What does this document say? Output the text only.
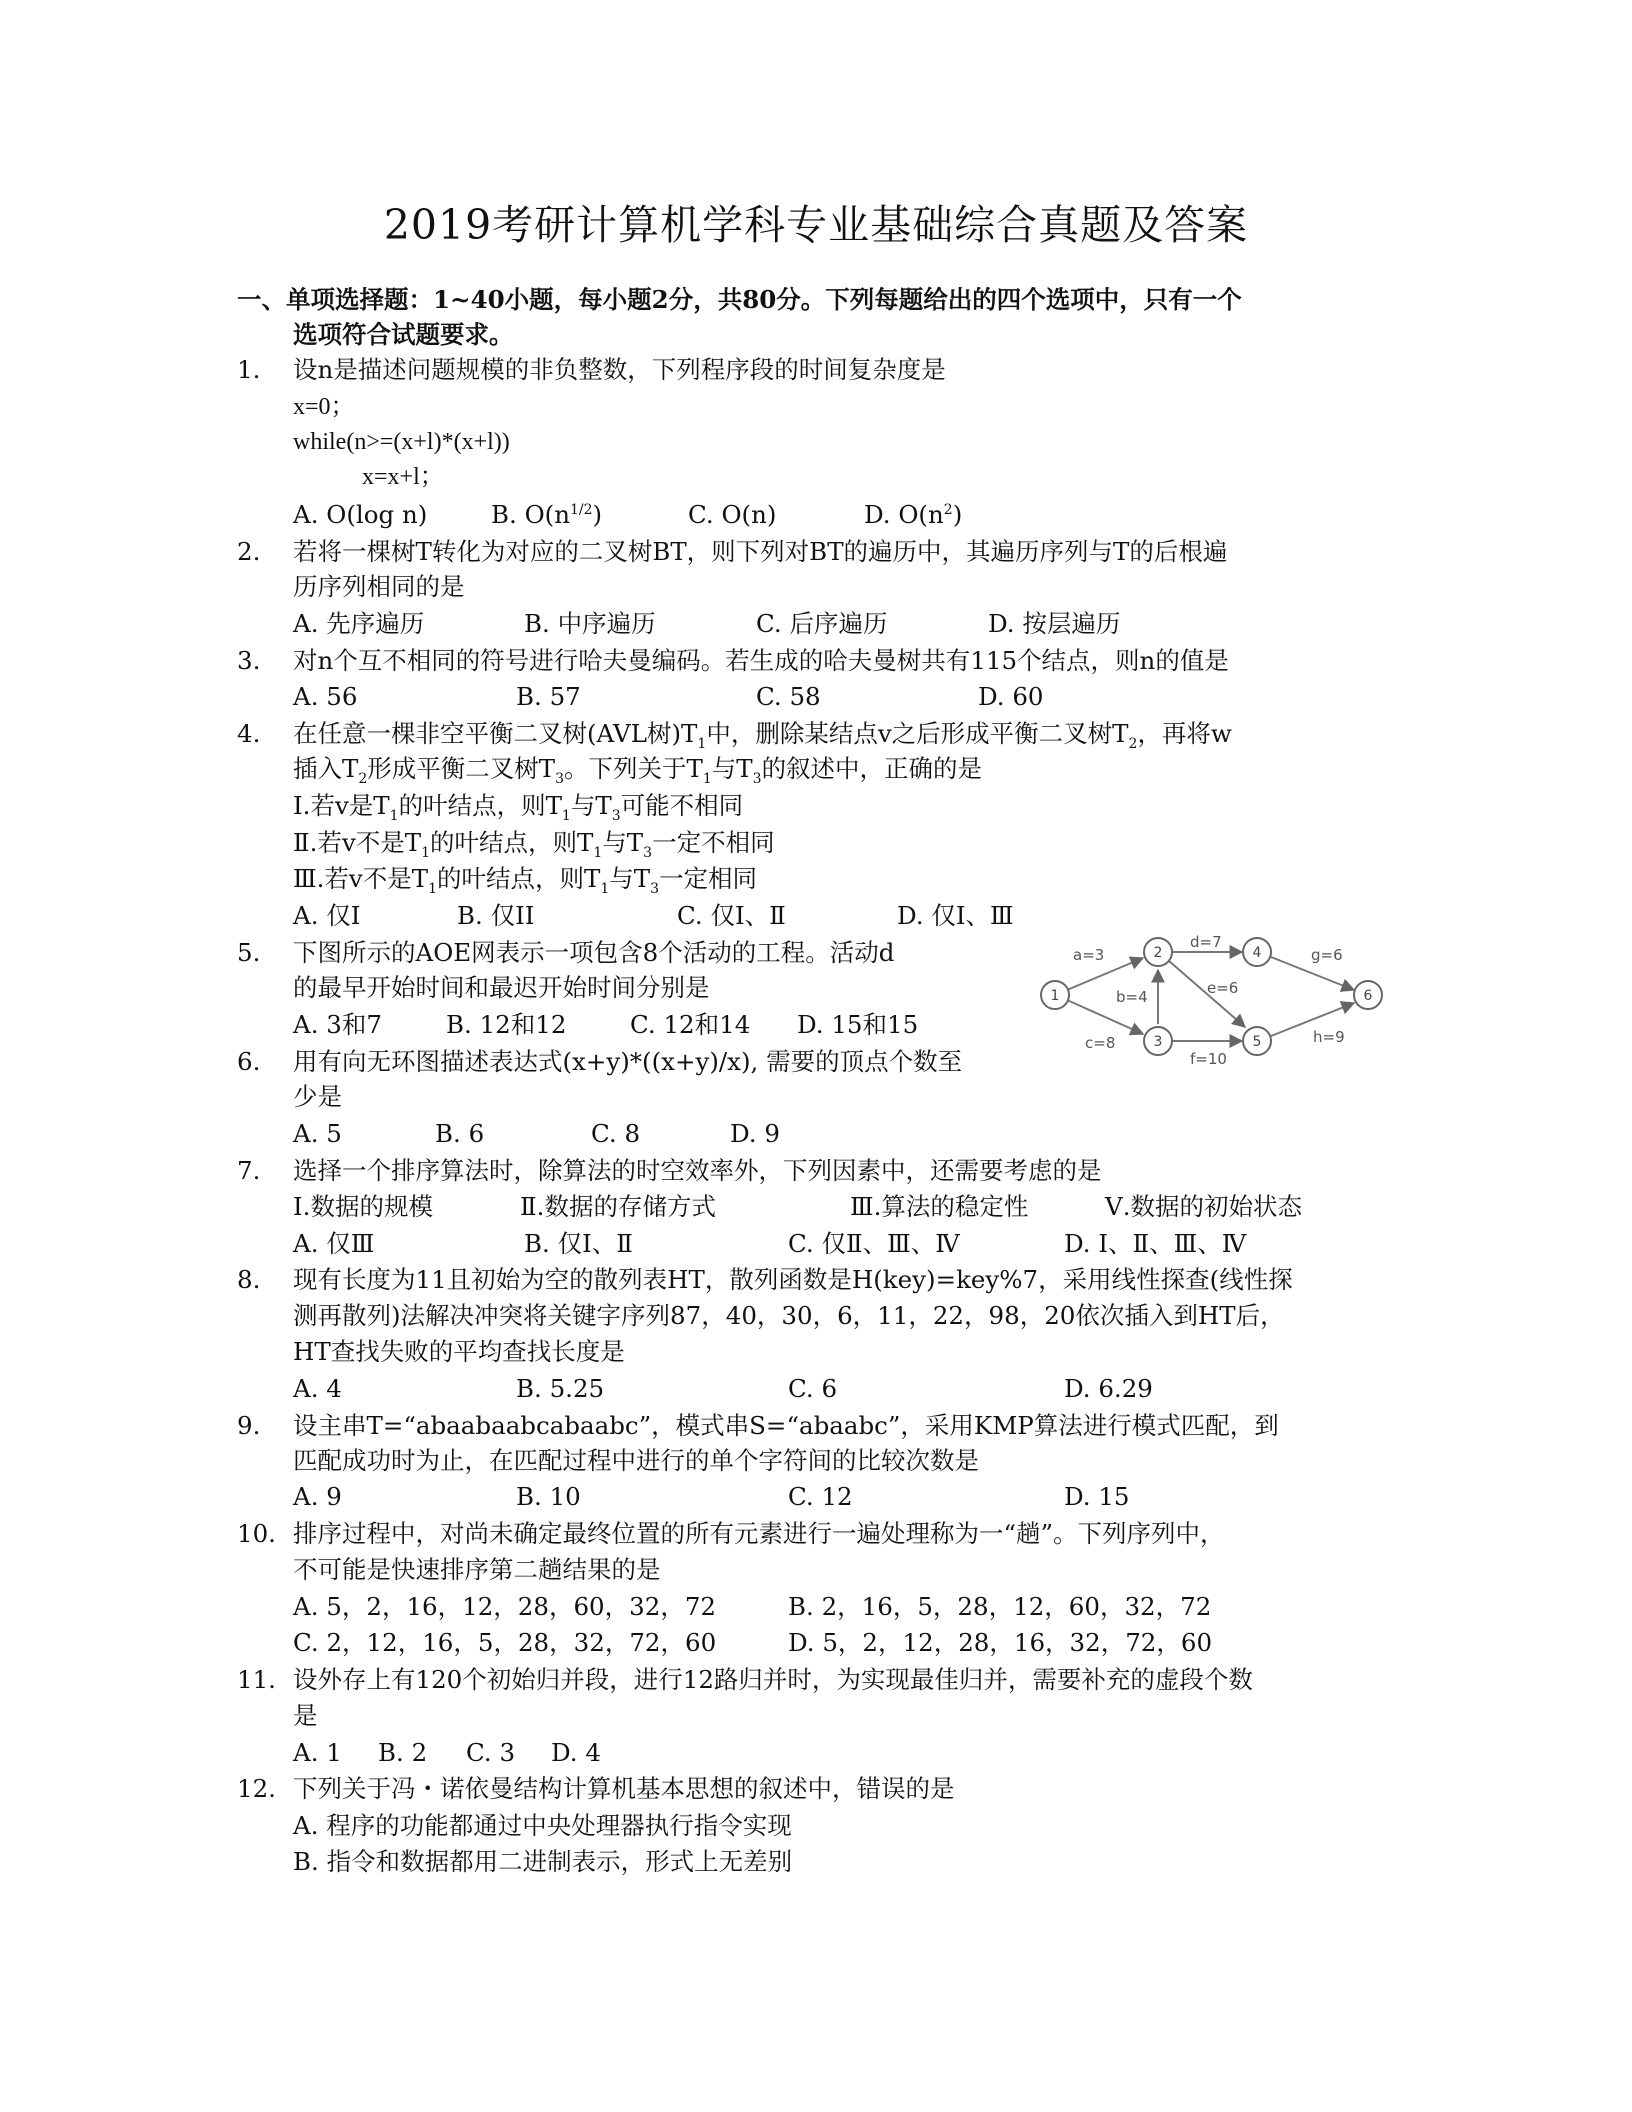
2019考研计算机学科专业基础综合真题及答案
一、单项选择题：1~40小题，每小题2分，共80分。下列每题给出的四个选项中，只有一个
选项符合试题要求。
1. 设n是描述问题规模的非负整数，下列程序段的时间复杂度是
x=0；
while(n>=(x+l)*(x+l))
x=x+l；
A. O(log n)	B. $O(n^{1/2})$	C. O(n)	D. $O(n^2)$
2. 若将一棵树T转化为对应的二叉树BT，则下列对BT的遍历中，其遍历序列与T的后根遍
历序列相同的是
A. 先序遍历	B. 中序遍历	C. 后序遍历	D. 按层遍历
3. 对n个互不相同的符号进行哈夫曼编码。若生成的哈夫曼树共有115个结点，则n的值是
A. 56	B. 57	C. 58	D. 60
4. 在任意一棵非空平衡二叉树(AVL树)$T_1$中，删除某结点v之后形成平衡二叉树$T_2$，再将w
插入$T_2$形成平衡二叉树$T_3$。下列关于$T_1$与$T_3$的叙述中，正确的是
I.若v是$T_1$的叶结点，则$T_1$与$T_3$可能不相同
Ⅱ.若v不是$T_1$的叶结点，则$T_1$与$T_3$一定不相同
Ⅲ.若v不是$T_1$的叶结点，则$T_1$与$T_3$一定相同
A. 仅I	B. 仅II	C. 仅I、Ⅱ	D. 仅I、Ⅲ
5. 下图所示的AOE网表示一项包含8个活动的工程。活动d
的最早开始时间和最迟开始时间分别是
A. 3和7	B. 12和12	C. 12和14 D. 15和15
1
2
3
4
5
6
a=3
b=4
c=8
d=7
e=6
f=10
g=6
h=9
6. 用有向无环图描述表达式(x+y)*((x+y)/x), 需要的顶点个数至
少是
A. 5	B. 6	C. 8	D. 9
7. 选择一个排序算法时，除算法的时空效率外，下列因素中，还需要考虑的是
I.数据的规模	Ⅱ.数据的存储方式	Ⅲ.算法的稳定性	Ⅴ.数据的初始状态
A. 仅Ⅲ	B. 仅I、Ⅱ	C. 仅Ⅱ、Ⅲ、Ⅳ	D. I、Ⅱ、Ⅲ、Ⅳ
8. 现有长度为11且初始为空的散列表HT，散列函数是H(key)=key%7，采用线性探查(线性探
测再散列)法解决冲突将关键字序列87，40，30，6，11，22，98，20依次插入到HT后，
HT查找失败的平均查找长度是
A. 4	B. 5.25	C. 6	D. 6.29
9. 设主串T=“abaabaabcabaabc”，模式串S=“abaabc”，采用KMP算法进行模式匹配，到
匹配成功时为止，在匹配过程中进行的单个字符间的比较次数是
A. 9	B. 10	C. 12	D. 15
10. 排序过程中，对尚未确定最终位置的所有元素进行一遍处理称为一“趟”。下列序列中，
不可能是快速排序第二趟结果的是
A. 5，2，16，12，28，60，32，72	B. 2，16，5，28，12，60，32，72
C. 2，12，16，5，28，32，72，60	D. 5，2，12，28，16，32，72，60
11. 设外存上有120个初始归并段，进行12路归并时，为实现最佳归并，需要补充的虚段个数
是
A. 1 B. 2 C. 3 D. 4
12. 下列关于冯・诺依曼结构计算机基本思想的叙述中，错误的是
A. 程序的功能都通过中央处理器执行指令实现
B. 指令和数据都用二进制表示，形式上无差别
